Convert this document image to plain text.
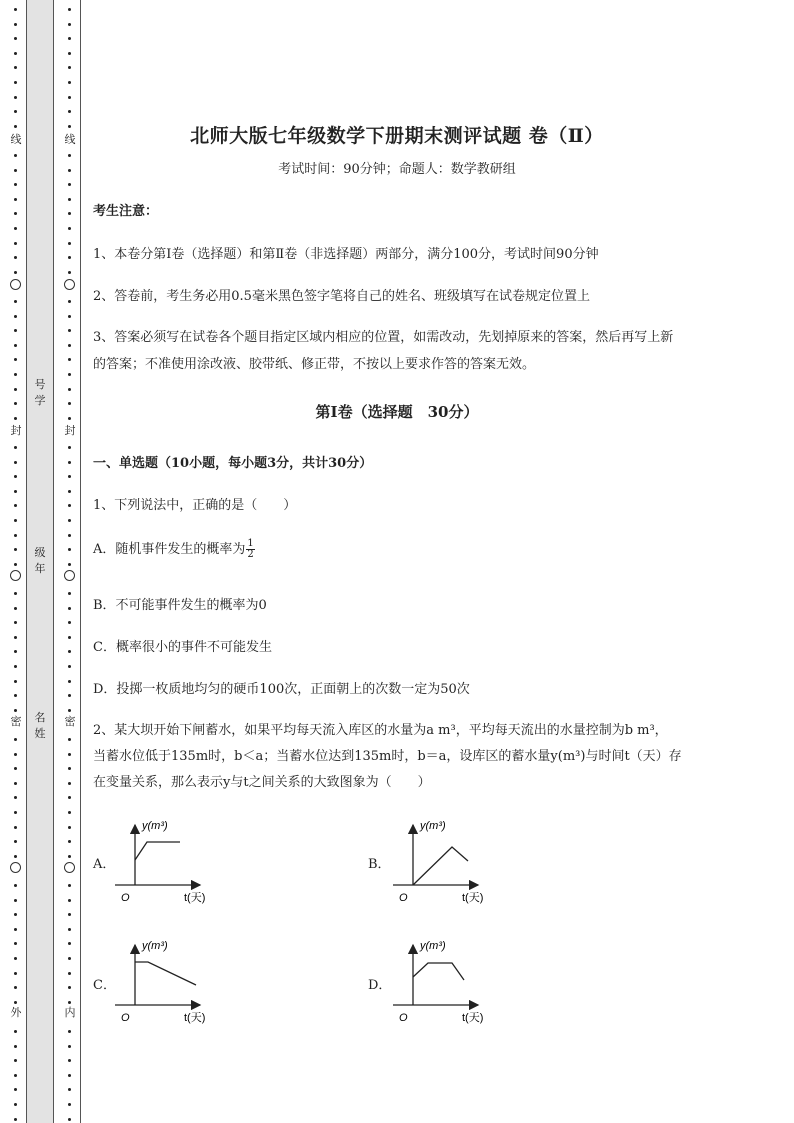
线
封
密
外
线
封
密
内
号
学
级
年
名
姓
北师大版七年级数学下册期末测评试题 卷（Ⅱ）
考试时间：90分钟；命题人：数学教研组
考生注意：
1、本卷分第Ⅰ卷（选择题）和第Ⅱ卷（非选择题）两部分，满分100分，考试时间90分钟
2、答卷前，考生务必用0.5毫米黑色签字笔将自己的姓名、班级填写在试卷规定位置上
3、答案必须写在试卷各个题目指定区域内相应的位置，如需改动，先划掉原来的答案，然后再写上新
的答案；不准使用涂改液、胶带纸、修正带，不按以上要求作答的答案无效。
第Ⅰ卷（选择题　30分）
一、单选题（10小题，每小题3分，共计30分）
1、下列说法中，正确的是（　　）
A．随机事件发生的概率为 $\frac{1}{2}$
B．不可能事件发生的概率为0
C．概率很小的事件不可能发生
D．投掷一枚质地均匀的硬币100次，正面朝上的次数一定为50次
2、某大坝开始下闸蓄水，如果平均每天流入库区的水量为a m³，平均每天流出的水量控制为b m³，
当蓄水位低于135m时，b＜a；当蓄水位达到135m时，b＝a，设库区的蓄水量y(m³)与时间t（天）存
在变量关系，那么表示y与t之间关系的大致图象为（　　）
A．
y(m³)
t(天)
O
B．
y(m³)
t(天)
O
C．
y(m³)
t(天)
O
D．
y(m³)
t(天)
O
